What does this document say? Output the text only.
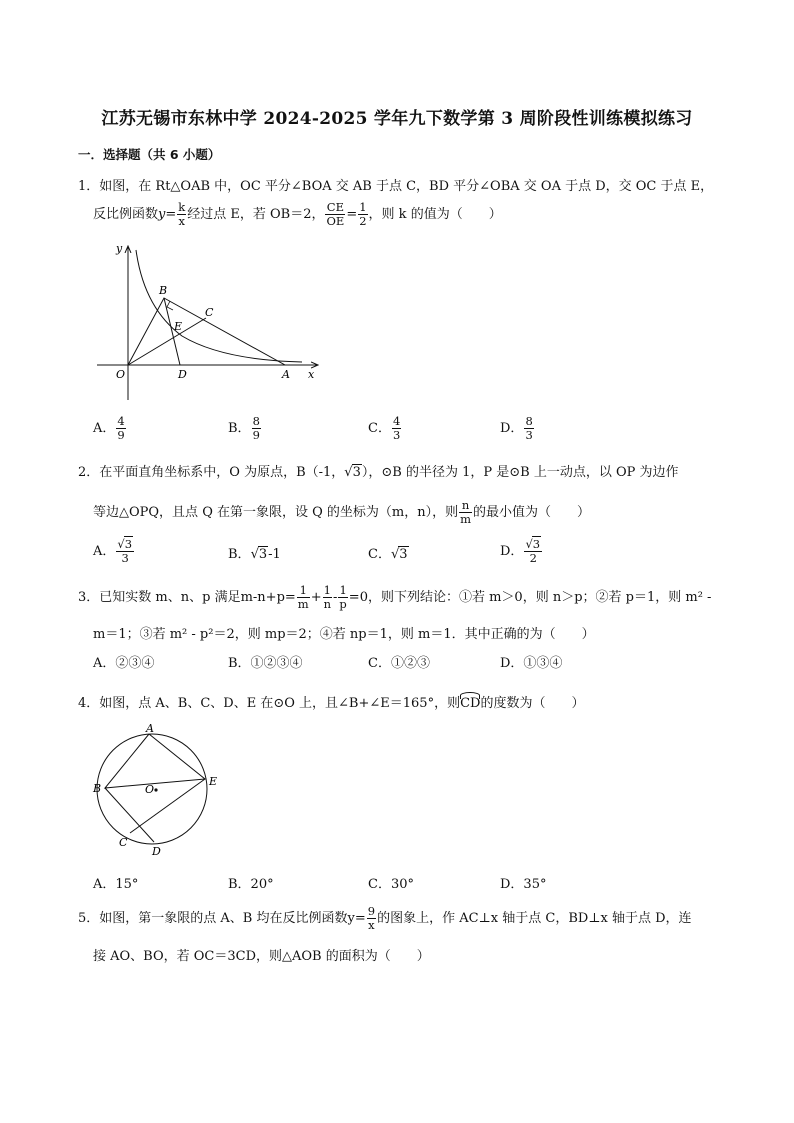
江苏无锡市东林中学 2024-2025 学年九下数学第 3 周阶段性训练模拟练习
一．选择题（共 6 小题）
1．如图，在 Rt△OAB 中，OC 平分∠BOA 交 AB 于点 C，BD 平分∠OBA 交 OA 于点 D，交 OC 于点 E，
反比例函数$y= \frac{k}{x}$ 经过点 E，若 OB＝2， $\frac{CE}{OE} = \frac{1}{2}$ ，则 k 的值为（　　）
y
x
O	A
B
C
D
E
A． $\frac{4}{9}$	B． $\frac{8}{9}$	C． $\frac{4}{3}$	D． $\frac{8}{3}$
2．在平面直角坐标系中，O 为原点，B（-1，√3），⊙B 的半径为 1，P 是⊙B 上一动点，以 OP 为边作
等边△OPQ，且点 Q 在第一象限，设 Q 的坐标为（m，n），则 $\frac{n}{m}$ 的最小值为（　　）
A． $\frac{√3}{3}$	B．√3-1	C．√3	D． $\frac{√3}{2}$
3．已知实数 m、n、p 满足$m-n+p= \frac{1}{m} + \frac{1}{n} - \frac{1}{p} =0$，则下列结论：①若 m＞0，则 n＞p；②若 p＝1，则 m² -
m＝1；③若 m² - p²＝2，则 mp＝2；④若 np＝1，则 m＝1．其中正确的为（　　）
A．②③④	B．①②③④	C．①②③	D．①③④
4．如图，点 A、B、C、D、E 在⊙O 上，且∠B+∠E＝165°，则CD的度数为（　　）
A
B
E
C
D
O
A．15°	B．20°	C．30°	D．35°
5．如图，第一象限的点 A、B 均在反比例函数$y= \frac{9}{x}$ 的图象上，作 AC⊥x 轴于点 C，BD⊥x 轴于点 D，连
接 AO、BO，若 OC＝3CD，则△AOB 的面积为（　　）
